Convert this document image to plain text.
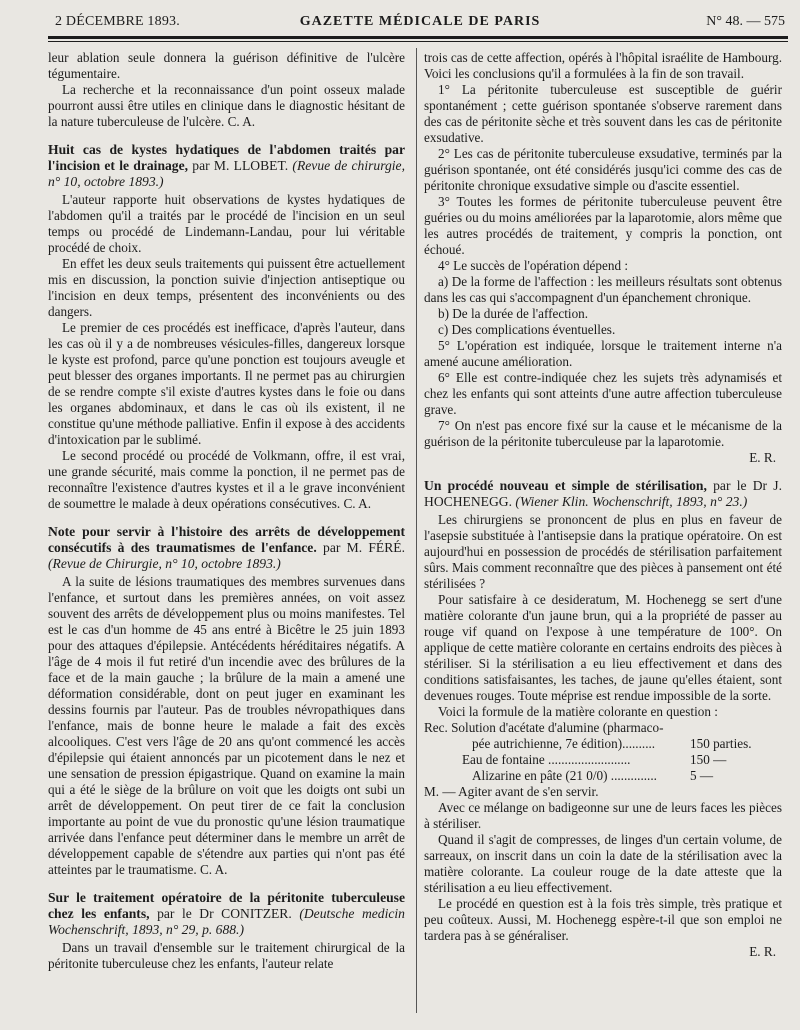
2 DÉCEMBRE 1893.	GAZETTE MÉDICALE DE PARIS	N° 48. — 575

leur ablation seule donnera la guérison définitive de l'ulcère tégumentaire.

La recherche et la reconnaissance d'un point osseux malade pourront aussi être utiles en clinique dans le diagnostic hésitant de la nature tuberculeuse de l'ulcère. C. A.

Huit cas de kystes hydatiques de l'abdomen traités par l'incision et le drainage, par M. LLOBET. (Revue de chirurgie, n° 10, octobre 1893.)

L'auteur rapporte huit observations de kystes hydatiques de l'abdomen qu'il a traités par le procédé de l'incision en un seul temps ou procédé de Lindemann-Landau, pour lui véritable procédé de choix.

En effet les deux seuls traitements qui puissent être actuellement mis en discussion, la ponction suivie d'injection antiseptique ou l'incision en deux temps, présentent des inconvénients ou des dangers.

Le premier de ces procédés est inefficace, d'après l'auteur, dans les cas où il y a de nombreuses vésicules-filles, dangereux lorsque le kyste est profond, parce qu'une ponction est toujours aveugle et peut blesser des organes importants. Il ne permet pas au chirurgien de se rendre compte s'il existe d'autres kystes dans le foie ou dans les organes abdominaux, et dans le cas où ils existent, il ne constitue qu'une méthode palliative. Enfin il expose à des accidents d'intoxication par le sublimé.

Le second procédé ou procédé de Volkmann, offre, il est vrai, une grande sécurité, mais comme la ponction, il ne permet pas de reconnaître l'existence d'autres kystes et il a le grave inconvénient de soumettre le malade à deux opérations consécutives. C. A.

Note pour servir à l'histoire des arrêts de développement consécutifs à des traumatismes de l'enfance. par M. FÉRÉ. (Revue de Chirurgie, n° 10, octobre 1893.)

A la suite de lésions traumatiques des membres survenues dans l'enfance, et surtout dans les premières années, on voit assez souvent des arrêts de développement plus ou moins manifestes. Tel est le cas d'un homme de 45 ans entré à Bicêtre le 25 juin 1893 pour des attaques d'épilepsie. Antécédents héréditaires négatifs. A l'âge de 4 mois il fut retiré d'un incendie avec des brûlures de la face et de la main gauche ; la brûlure de la main a amené une déformation considérable, dont on peut juger en examinant les dessins fournis par l'auteur. Pas de troubles névropathiques dans l'enfance, mais de bonne heure le malade a fait des excès alcooliques. C'est vers l'âge de 20 ans qu'ont commencé les accès d'épilepsie qui étaient annoncés par un picotement dans le nez et une sensation de pression épigastrique. Quand on examine la main qui a été le siège de la brûlure on voit que les doigts ont subi un arrêt de développement. On peut tirer de ce fait la conclusion importante au point de vue du pronostic qu'une lésion traumatique arrivée dans l'enfance peut déterminer dans le membre un arrêt de développement capable de s'étendre aux parties qui n'ont pas été atteintes par le traumatisme. C. A.

Sur le traitement opératoire de la péritonite tuberculeuse chez les enfants, par le Dr CONITZER. (Deutsche medicin Wochenschrift, 1893, n° 29, p. 688.)

Dans un travail d'ensemble sur le traitement chirurgical de la péritonite tuberculeuse chez les enfants, l'auteur relate

trois cas de cette affection, opérés à l'hôpital israélite de Hambourg. Voici les conclusions qu'il a formulées à la fin de son travail.

1° La péritonite tuberculeuse est susceptible de guérir spontanément ; cette guérison spontanée s'observe rarement dans des cas de péritonite sèche et très souvent dans les cas de péritonite exsudative.

2° Les cas de péritonite tuberculeuse exsudative, terminés par la guérison spontanée, ont été considérés jusqu'ici comme des cas de péritonite chronique exsudative simple ou d'ascite essentiel.

3° Toutes les formes de péritonite tuberculeuse peuvent être guéries ou du moins améliorées par la laparotomie, alors même que les autres procédés de traitement, y compris la ponction, ont échoué.

4° Le succès de l'opération dépend :

a) De la forme de l'affection : les meilleurs résultats sont obtenus dans les cas qui s'accompagnent d'un épanchement chronique.

b) De la durée de l'affection.

c) Des complications éventuelles.

5° L'opération est indiquée, lorsque le traitement interne n'a amené aucune amélioration.

6° Elle est contre-indiquée chez les sujets très adynamisés et chez les enfants qui sont atteints d'une autre affection tuberculeuse grave.

7° On n'est pas encore fixé sur la cause et le mécanisme de la guérison de la péritonite tuberculeuse par la laparotomie.

E. R.
Un procédé nouveau et simple de stérilisation, par le Dr J. HOCHENEGG. (Wiener Klin. Wochenschrift, 1893, n° 23.)

Les chirurgiens se prononcent de plus en plus en faveur de l'asepsie substituée à l'antisepsie dans la pratique opératoire. On est aujourd'hui en possession de procédés de stérilisation parfaitement sûrs. Mais comment reconnaître que des pièces à pansement ont été stérilisées ?

Pour satisfaire à ce desideratum, M. Hochenegg se sert d'une matière colorante d'un jaune brun, qui a la propriété de passer au rouge vif quand on l'expose à une température de 100°. On applique de cette matière colorante en certains endroits des pièces à stériliser. Si la stérilisation a eu lieu effectivement et dans des conditions satisfaisantes, les taches, de jaune qu'elles étaient, sont devenues rouges. Toute méprise est rendue impossible de la sorte.

Voici la formule de la matière colorante en question :

Rec. Solution d'acétate d'alumine (pharmaco-
pée autrichienne, 7e édition)..........	150 parties.
Eau de fontaine .........................	150 —
Alizarine en pâte (21 0/0) ..............	5 —
M. — Agiter avant de s'en servir.

Avec ce mélange on badigeonne sur une de leurs faces les pièces à stériliser.

Quand il s'agit de compresses, de linges d'un certain volume, de sarreaux, on inscrit dans un coin la date de la stérilisation avec la matière colorante. La couleur rouge de la date atteste que la stérilisation a eu lieu effectivement.

Le procédé en question est à la fois très simple, très pratique et peu coûteux. Aussi, M. Hochenegg espère-t-il que son emploi ne tardera pas à se généraliser.

E. R.
